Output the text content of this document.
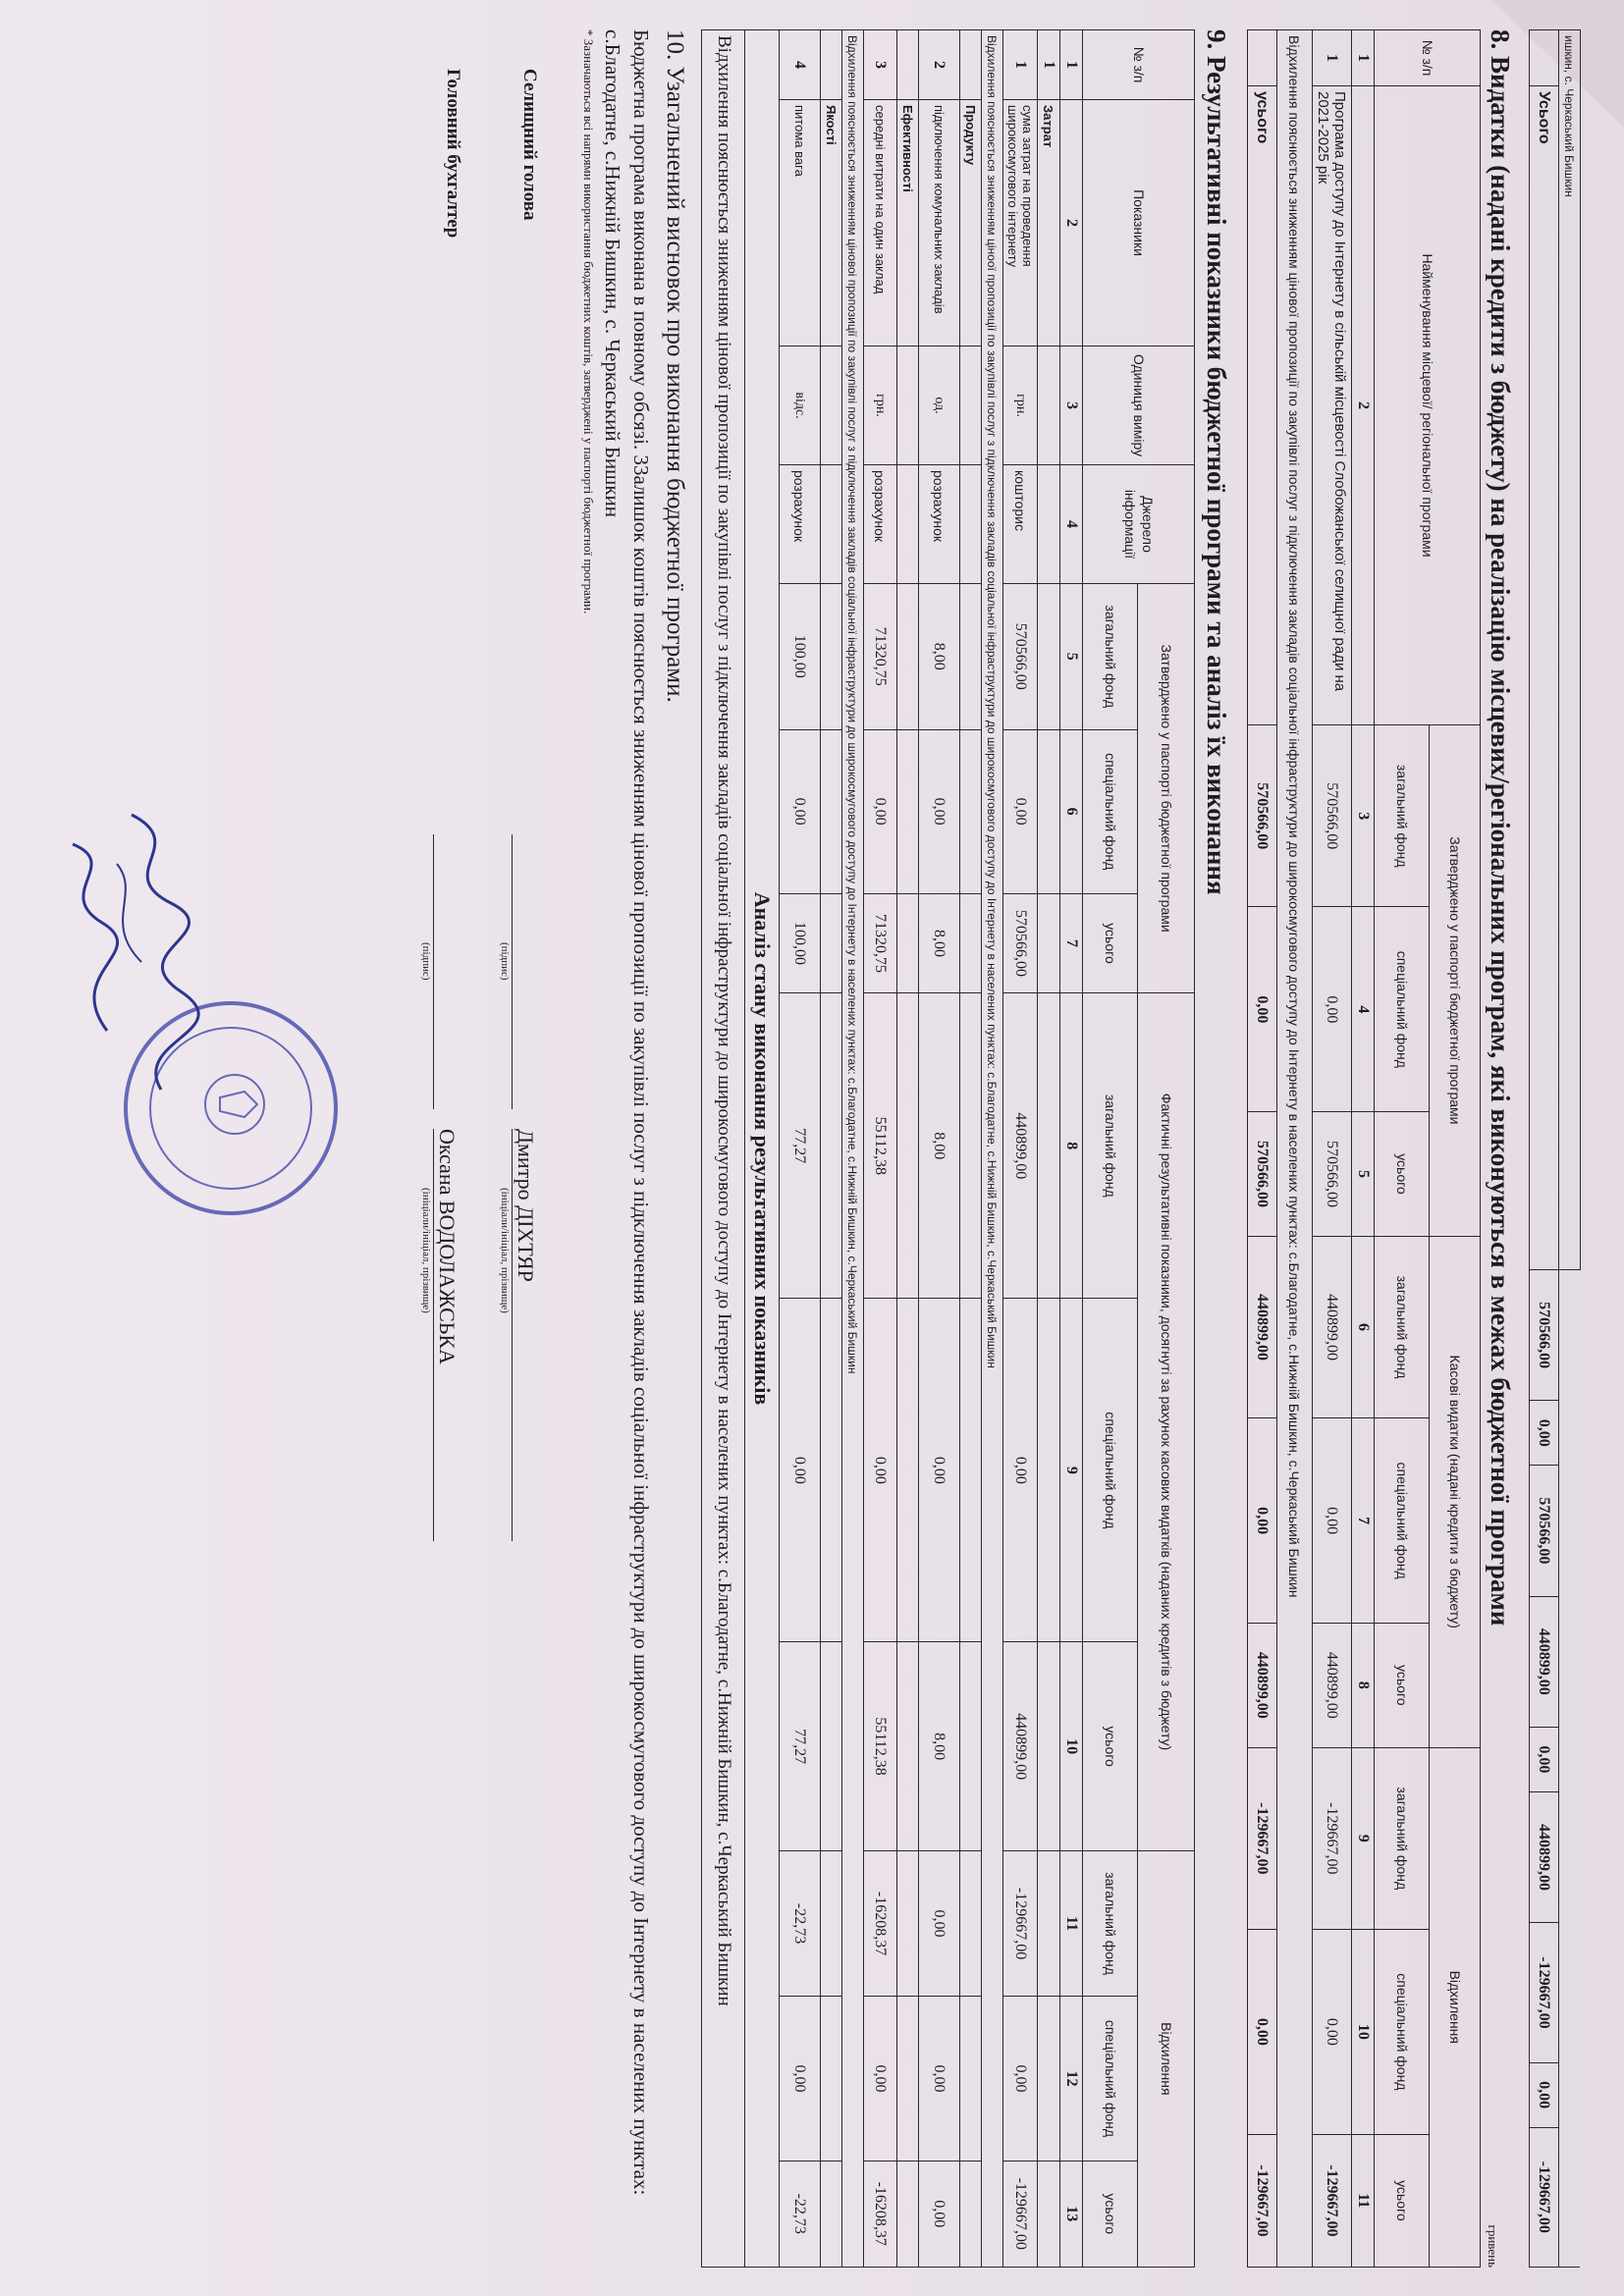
ишкин, с. Черкаський Бишкин										
	Усього	570566,00	0,00	570566,00	440899,00	0,00	440899,00	-129667,00	0,00	-129667,00
8. Видатки (надані кредити з бюджету) на реалізацію місцевих/регіональних програм, які виконуються в межах бюджетної програми
гривень
№ з/п	Найменування місцевої/ регіональної програми	Затверджено у паспорті бюджетної програми			Касові видатки (надані кредити з бюджету)			Відхилення		
		загальний фонд	спеціальний фонд	усього	загальний фонд	спеціальний фонд	усього	загальний фонд	спеціальний фонд	усього
1	2	3	4	5	6	7	8	9	10	11
1	Програма доступу до Інтернету в сільській місцевості Слобожанської селищної ради на 2021-2025 рік	570566,00	0,00	570566,00	440899,00	0,00	440899,00	-129667,00	0,00	-129667,00
Відхилення пояснюється зниженням цінової пропозиції по закупівлі послуг з підключення закладів соціальної інфраструктури до широкосмугового доступу до Інтернету в населених пунктах: с.Благодатне, с.Нижній Бишкин, с.Черкаський Бишкин										
	усього	570566,00	0,00	570566,00	440899,00	0,00	440899,00	-129667,00	0,00	-129667,00
9. Результативні показники бюджетної програми та аналіз їх виконання
№ з/п	Показники	Одиниця виміру	Джерело інформації	Затверджено у паспорті бюджетної програми			Фактичні результативні показники, досягнуті за рахунок касових видатків (наданих кредитів з бюджету)			Відхилення		
				загальний фонд	спеціальний фонд	усього	загальний фонд	спеціальний фонд	усього	загальний фонд	спеціальний фонд	усього
1	2	3	4	5	6	7	8	9	10	11	12	13
1	Затрат											
1	сума затрат на проведення широкосмугового інтернету	грн.	кошторис	570566,00	0,00	570566,00	440899,00	0,00	440899,00	-129667,00	0,00	-129667,00
Відхилення пояснюється зниженням ціноої пропозиції по закупівлі послуг з підключення закладів соціальної інфраструктури до широкосмугового доступу до Інтернету в населених пунктах: с.Благодатне, с.Нижній Бишкин, с.Черкаський Бишкин												
	Продукту											
2	підключення комунальних закладів	од.	розрахунок	8,00	0,00	8,00	8,00	0,00	8,00	0,00	0,00	0,00
	Ефективності											
3	середні витрати на один заклад	грн.	розрахунок	71320,75	0,00	71320,75	55112,38	0,00	55112,38	-16208,37	0,00	-16208,37
Відхилення пояснюється зниженням ціновоі пропозиції по закупівлі послуг з підключення закладів соціальної інфраструктури до широкосмугового доступу до Інтернету в населених пунктах: с.Благодатне, с.Нижній Бишкин, с.Черкаський Бишкин												
	Якості											
4	питома вага	відс.	розрахунок	100,00	0,00	100,00	77,27	0,00	77,27	-22,73	0,00	-22,73
Аналіз стану виконання результативних показників												
Відхилення пояснюється зниженням цінової пропозиції по закупівлі послуг з підключення закладів соціальної інфраструктури до широкосмугового доступу до Інтернету в населених пунктах: с.Благодатне, с.Нижній Бишкин, с.Черкаський Бишкин												
10. Узагальнений висновок про виконання бюджетної програми.
Бюджетна програма виконана в повному обсязі. 33алишок коштів пояснюється зниженням цінової пропозиції по закупівлі послуг з підключення закладів соціальної інфраструктури до широкосмугового доступу до Інтернету в населених пунктах: с.Благодатне, с.Нижній Бишкин, с. Черкаський Бишкин
* Зазначаються всі напрями використання бюджетних коштів, затверджені у паспорті бюджетної програми.
Селищний голова
(підпис)
Дмитро ДІХТЯР
(ініціали/ініціал, прізвище)
Головний бухгалтер
(підпис)
Оксана ВОДОЛАЖСЬКА
(ініціали/ініціал, прізвище)
